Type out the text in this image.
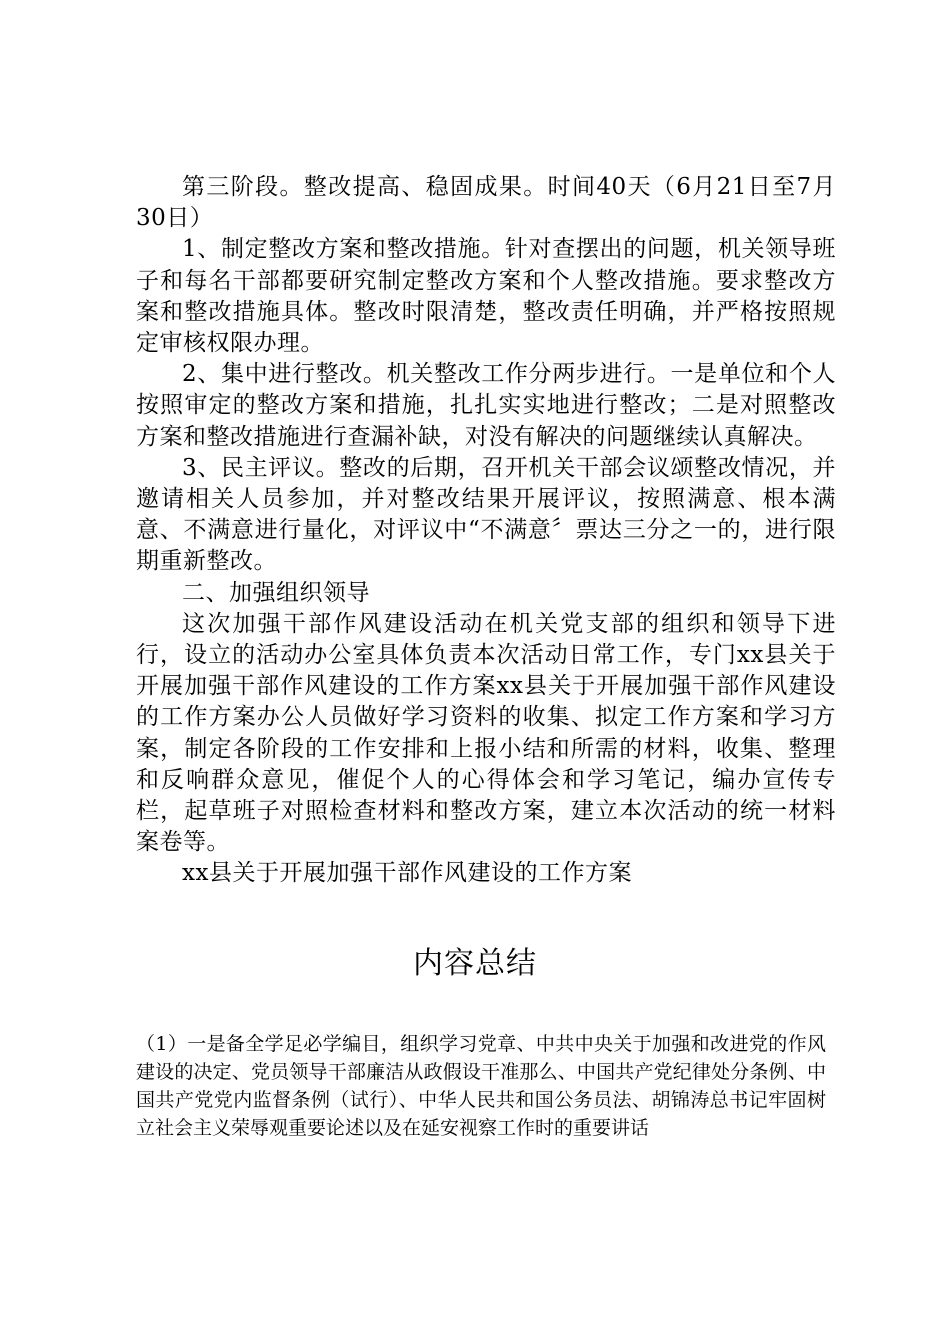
第三阶段。整改提高、稳固成果。时间40天（6月21日至7月30日）

1、制定整改方案和整改措施。针对查摆出的问题，机关领导班子和每名干部都要研究制定整改方案和个人整改措施。要求整改方案和整改措施具体。整改时限清楚，整改责任明确，并严格按照规定审核权限办理。

2、集中进行整改。机关整改工作分两步进行。一是单位和个人按照审定的整改方案和措施，扎扎实实地进行整改；二是对照整改方案和整改措施进行查漏补缺，对没有解决的问题继续认真解决。

3、民主评议。整改的后期，召开机关干部会议颂整改情况，并邀请相关人员参加，并对整改结果开展评议，按照满意、根本满意、不满意进行量化，对评议中“不满意〞票达三分之一的，进行限期重新整改。

二、加强组织领导

这次加强干部作风建设活动在机关党支部的组织和领导下进行，设立的活动办公室具体负责本次活动日常工作，专门xx县关于开展加强干部作风建设的工作方案xx县关于开展加强干部作风建设的工作方案办公人员做好学习资料的收集、拟定工作方案和学习方案，制定各阶段的工作安排和上报小结和所需的材料，收集、整理和反响群众意见，催促个人的心得体会和学习笔记，编办宣传专栏，起草班子对照检查材料和整改方案，建立本次活动的统一材料案卷等。

xx县关于开展加强干部作风建设的工作方案

内容总结

（1）一是备全学足必学编目，组织学习党章、中共中央关于加强和改进党的作风建设的决定、党员领导干部廉洁从政假设干准那么、中国共产党纪律处分条例、中国共产党党内监督条例（试行）、中华人民共和国公务员法、胡锦涛总书记牢固树立社会主义荣辱观重要论述以及在延安视察工作时的重要讲话
